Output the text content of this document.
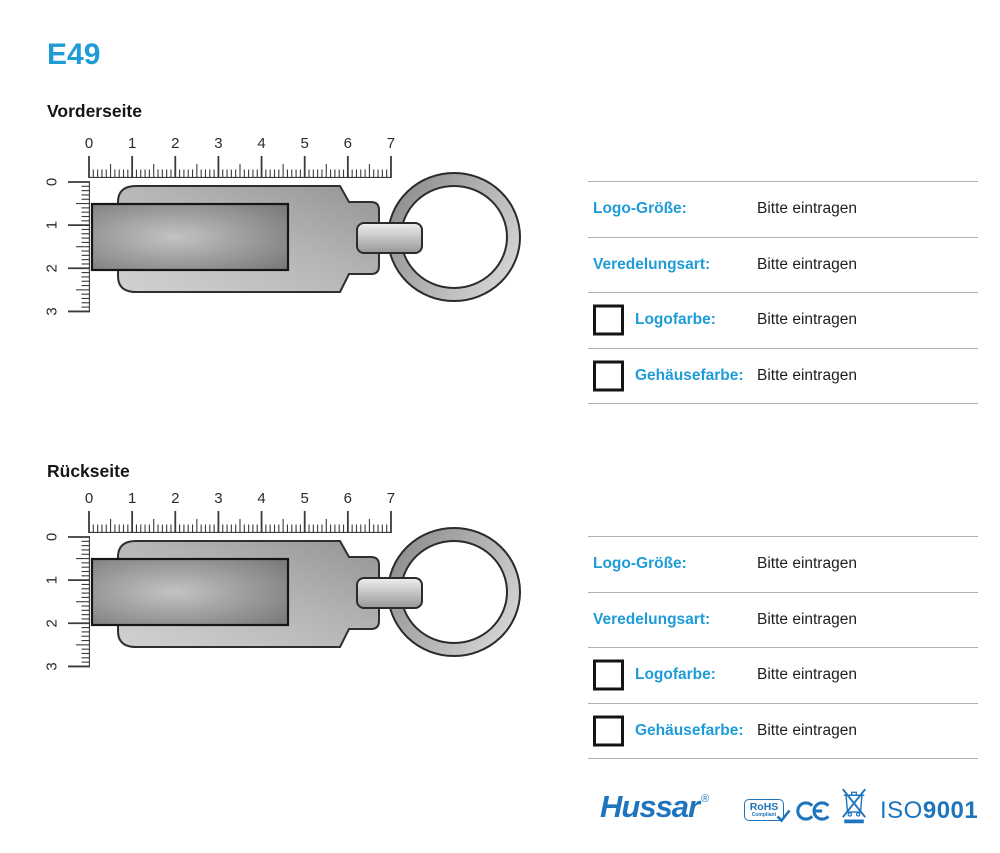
E49
Vorderseite
0 1 2 3 4 5 6 7
0
1
2
3
Logo-Größe:	Bitte eintragen
Veredelungsart:	Bitte eintragen
Logofarbe:	Bitte eintragen
Gehäusefarbe: Bitte eintragen
Rückseite
0 1 2 3 4 5 6 7
0
1
2
3
Logo-Größe:	Bitte eintragen
Veredelungsart:	Bitte eintragen
Logofarbe:	Bitte eintragen
Gehäusefarbe: Bitte eintragen
Hussar ®
RoHS
Compliant	ISO9001
